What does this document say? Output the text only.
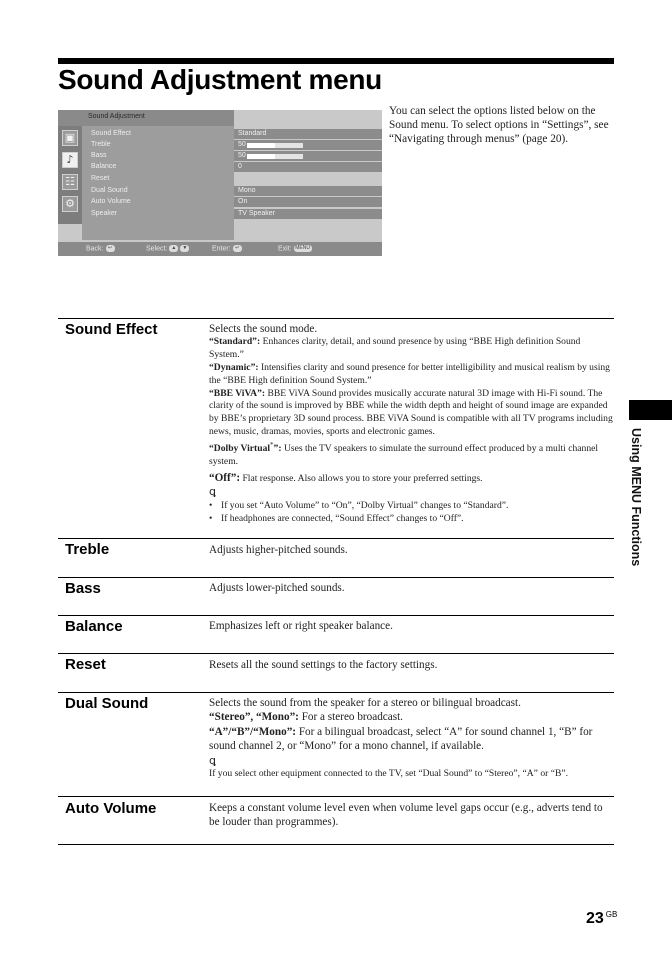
Sound Adjustment menu
Sound Adjustment
▣
♪
☷
⚙
Sound Effect
Treble
Bass
Balance
Reset
Dual Sound
Auto Volume
Speaker
Standard
50
50
0
Mono
On
TV Speaker
Back: ↩	Select: ▲ ▼	Enter: ↵	Exit: MENU
You can select the options listed below on the Sound menu. To select options in “Settings”, see “Navigating through menus” (page 20).
Using MENU Functions
Sound Effect	Selects the sound mode.
“Standard”: Enhances clarity, detail, and sound presence by using “BBE High definition Sound System.”
“Dynamic”: Intensifies clarity and sound presence for better intelligibility and musical realism by using the “BBE High definition Sound System.”
“BBE ViVA”: BBE ViVA Sound provides musically accurate natural 3D image with Hi-Fi sound. The clarity of the sound is improved by BBE while the width depth and height of sound image are expanded by BBE’s proprietary 3D sound process. BBE ViVA Sound is compatible with all TV programs including news, music, dramas, movies, sports and electronic games.
“Dolby Virtual*”: Uses the TV speakers to simulate the surround effect produced by a multi channel system.
“Off”: Flat response. Also allows you to store your preferred settings.
ꝗ
• If you set “Auto Volume” to “On”, “Dolby Virtual” changes to “Standard”.
• If headphones are connected, “Sound Effect” changes to “Off”.
Treble	Adjusts higher-pitched sounds.
Bass	Adjusts lower-pitched sounds.
Balance	Emphasizes left or right speaker balance.
Reset	Resets all the sound settings to the factory settings.
Dual Sound	Selects the sound from the speaker for a stereo or bilingual broadcast.
“Stereo”, “Mono”: For a stereo broadcast.
“A”/“B”/“Mono”: For a bilingual broadcast, select “A” for sound channel 1, “B” for sound channel 2, or “Mono” for a mono channel, if available.
ꝗ
If you select other equipment connected to the TV, set “Dual Sound” to “Stereo”, “A” or “B”.
Auto Volume	Keeps a constant volume level even when volume level gaps occur (e.g., adverts tend to be louder than programmes).
23 $^{GB}$
